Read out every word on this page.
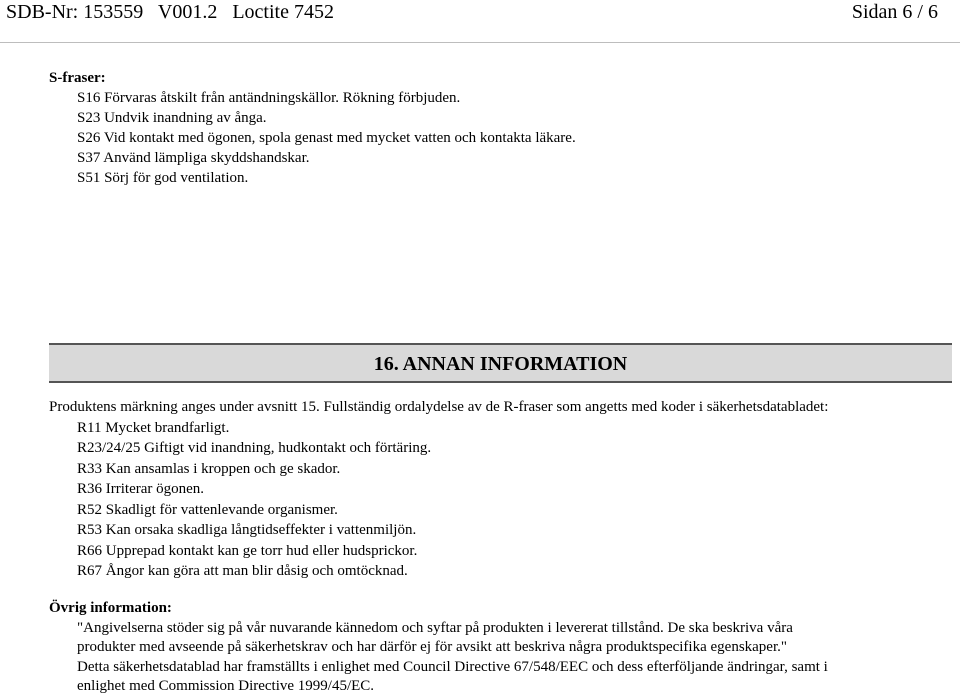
SDB-Nr: 153559 V001.2 Loctite 7452	Sidan 6 / 6

S-fraser:

S16 Förvaras åtskilt från antändningskällor. Rökning förbjuden.

S23 Undvik inandning av ånga.

S26 Vid kontakt med ögonen, spola genast med mycket vatten och kontakta läkare.

S37 Använd lämpliga skyddshandskar.

S51 Sörj för god ventilation.

16. ANNAN INFORMATION

Produktens märkning anges under avsnitt 15. Fullständig ordalydelse av de R-fraser som angetts med koder i säkerhetsdatabladet:

R11 Mycket brandfarligt.

R23/24/25 Giftigt vid inandning, hudkontakt och förtäring.

R33 Kan ansamlas i kroppen och ge skador.

R36 Irriterar ögonen.

R52 Skadligt för vattenlevande organismer.

R53 Kan orsaka skadliga långtidseffekter i vattenmiljön.

R66 Upprepad kontakt kan ge torr hud eller hudsprickor.

R67 Ångor kan göra att man blir dåsig och omtöcknad.

Övrig information:

"Angivelserna stöder sig på vår nuvarande kännedom och syftar på produkten i levererat tillstånd. De ska beskriva våra

produkter med avseende på säkerhetskrav och har därför ej för avsikt att beskriva några produktspecifika egenskaper."

Detta säkerhetsdatablad har framställts i enlighet med Council Directive 67/548/EEC och dess efterföljande ändringar, samt i

enlighet med Commission Directive 1999/45/EC.
